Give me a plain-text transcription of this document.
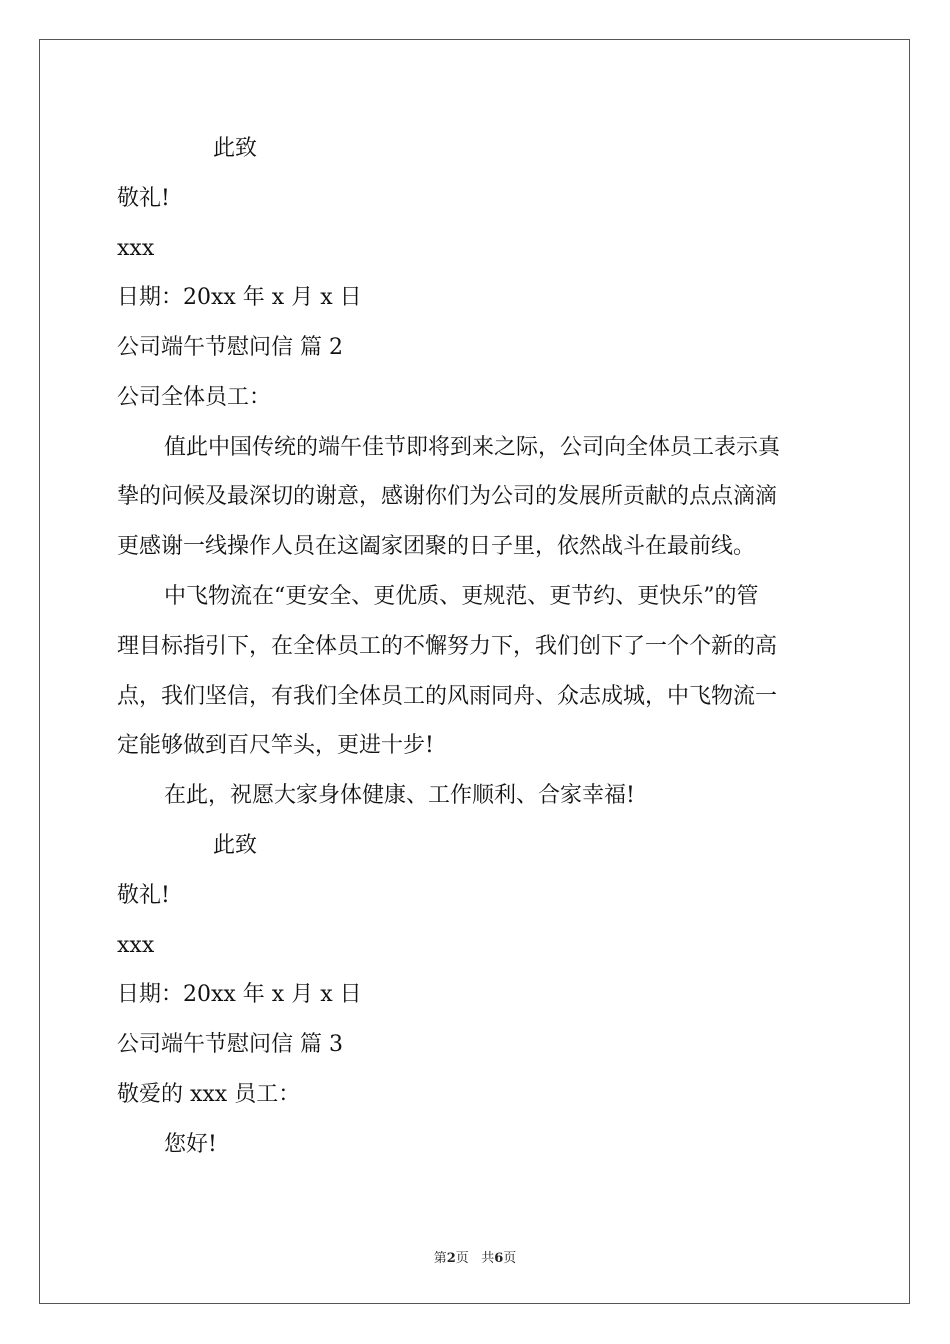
此致
敬礼!
xxx
日期：20xx 年 x 月 x 日
公司端午节慰问信 篇 2
公司全体员工：
值此中国传统的端午佳节即将到来之际，公司向全体员工表示真
挚的问候及最深切的谢意，感谢你们为公司的发展所贡献的点点滴滴
更感谢一线操作人员在这阖家团聚的日子里，依然战斗在最前线。
中飞物流在“更安全、更优质、更规范、更节约、更快乐”的管
理目标指引下，在全体员工的不懈努力下，我们创下了一个个新的高
点，我们坚信，有我们全体员工的风雨同舟、众志成城，中飞物流一
定能够做到百尺竿头，更进十步!
在此，祝愿大家身体健康、工作顺利、合家幸福!
此致
敬礼!
xxx
日期：20xx 年 x 月 x 日
公司端午节慰问信 篇 3
敬爱的 xxx 员工：
您好!
第2页 共6页
